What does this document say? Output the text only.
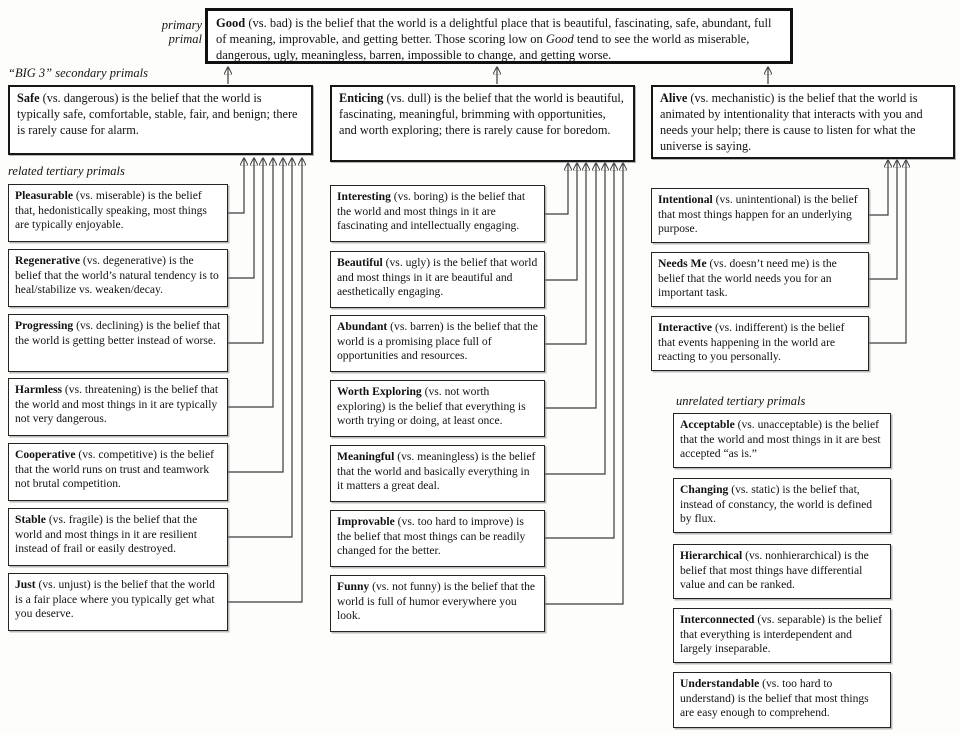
primary primal
“BIG 3” secondary primals
related tertiary primals
unrelated tertiary primals

Good (vs. bad) is the belief that the world is a delightful place that is beautiful, fascinating, safe, abundant, full of meaning, improvable, and getting better. Those scoring low on Good tend to see the world as miserable, dangerous, ugly, meaningless, barren, impossible to change, and getting worse.

Safe (vs. dangerous) is the belief that the world is typically safe, comfortable, stable, fair, and benign; there is rarely cause for alarm.

Enticing (vs. dull) is the belief that the world is beautiful, fascinating, meaningful, brimming with opportunities, and worth exploring; there is rarely cause for boredom.

Alive (vs. mechanistic) is the belief that the world is animated by intentionality that interacts with you and needs your help; there is cause to listen for what the universe is saying.

Pleasurable (vs. miserable) is the belief that, hedonistically speaking, most things are typically enjoyable.

Regenerative (vs. degenerative) is the belief that the world’s natural tendency is to heal/stabilize vs. weaken/decay.

Progressing (vs. declining) is the belief that the world is getting better instead of worse.

Harmless (vs. threatening) is the belief that the world and most things in it are typically not very dangerous.

Cooperative (vs. competitive) is the belief that the world runs on trust and teamwork not brutal competition.

Stable (vs. fragile) is the belief that the world and most things in it are resilient instead of frail or easily destroyed.

Just (vs. unjust) is the belief that the world is a fair place where you typically get what you deserve.

Interesting (vs. boring) is the belief that the world and most things in it are fascinating and intellectually engaging.

Beautiful (vs. ugly) is the belief that world and most things in it are beautiful and aesthetically engaging.

Abundant (vs. barren) is the belief that the world is a promising place full of opportunities and resources.

Worth Exploring (vs. not worth exploring) is the belief that everything is worth trying or doing, at least once.

Meaningful (vs. meaningless) is the belief that the world and basically everything in it matters a great deal.

Improvable (vs. too hard to improve) is the belief that most things can be readily changed for the better.

Funny (vs. not funny) is the belief that the world is full of humor everywhere you look.

Intentional (vs. unintentional) is the belief that most things happen for an underlying purpose.

Needs Me (vs. doesn’t need me) is the belief that the world needs you for an important task.

Interactive (vs. indifferent) is the belief that events happening in the world are reacting to you personally.

Acceptable (vs. unacceptable) is the belief that the world and most things in it are best accepted “as is.”

Changing (vs. static) is the belief that, instead of constancy, the world is defined by flux.

Hierarchical (vs. nonhierarchical) is the belief that most things have differential value and can be ranked.

Interconnected (vs. separable) is the belief that everything is interdependent and largely inseparable.

Understandable (vs. too hard to understand) is the belief that most things are easy enough to comprehend.
